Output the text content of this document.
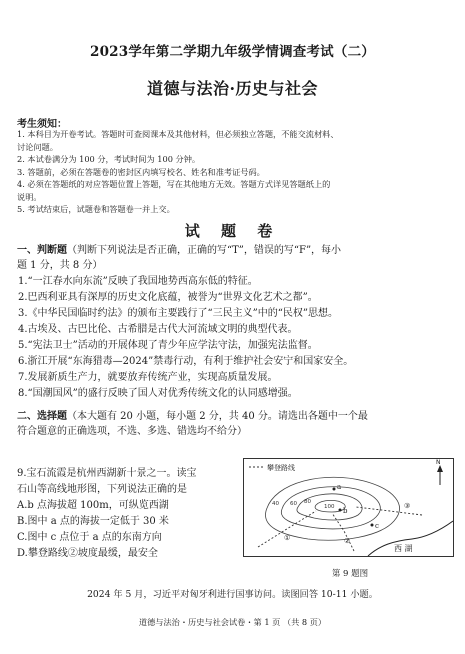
2023学年第二学期九年级学情调查考试（二）
道德与法治·历史与社会
考生须知：
1. 本科目为开卷考试。答题时可查阅课本及其他材料，但必须独立答题，不能交流材料、
讨论问题。
2. 本试卷满分为 100 分，考试时间为 100 分钟。
3. 答题前，必须在答题卷的密封区内填写校名、姓名和准考证号码。
4. 必须在答题纸的对应答题位置上答题，写在其他地方无效。答题方式详见答题纸上的
说明。
5. 考试结束后，试题卷和答题卷一并上交。
试 题 卷
一、判断题（判断下列说法是否正确，正确的写“T”，错误的写“F”，每小
题 1 分，共 8 分）
1.“一江春水向东流”反映了我国地势西高东低的特征。
2.巴西利亚具有深厚的历史文化底蕴，被誉为“世界文化艺术之都”。
3.《中华民国临时约法》的颁布主要践行了“三民主义”中的“民权”思想。
4.古埃及、古巴比伦、古希腊是古代大河流域文明的典型代表。
5.“宪法卫士”活动的开展体现了青少年应学法守法，加强宪法监督。
6.浙江开展“东海猎毒—2024”禁毒行动，有利于维护社会安宁和国家安全。
7.发展新质生产力，就要放弃传统产业，实现高质量发展。
8.“国潮国风”的盛行反映了国人对优秀传统文化的认同感增强。
二、选择题（本大题有 20 小题，每小题 2 分，共 40 分。请选出各题中一个最
符合题意的正确选项，不选、多选、错选均不给分）
9.宝石流霞是杭州西湖新十景之一。读宝
石山等高线地形图，下列说法正确的是
A.b 点海拔超 100m，可纵览西湖
B.图中 a 点的海拔一定低于 30 米
C.图中 c 点位于 a 点的东南方向
D.攀登路线②坡度最缓，最安全
攀登路线
N
40 60 80
100
a
b
c
①	②
③
西 湖
第 9 题图
2024 年 5 月，习近平对匈牙利进行国事访问。读图回答 10-11 小题。
道德与法治・历史与社会试卷・第 1 页 （共 8 页）
